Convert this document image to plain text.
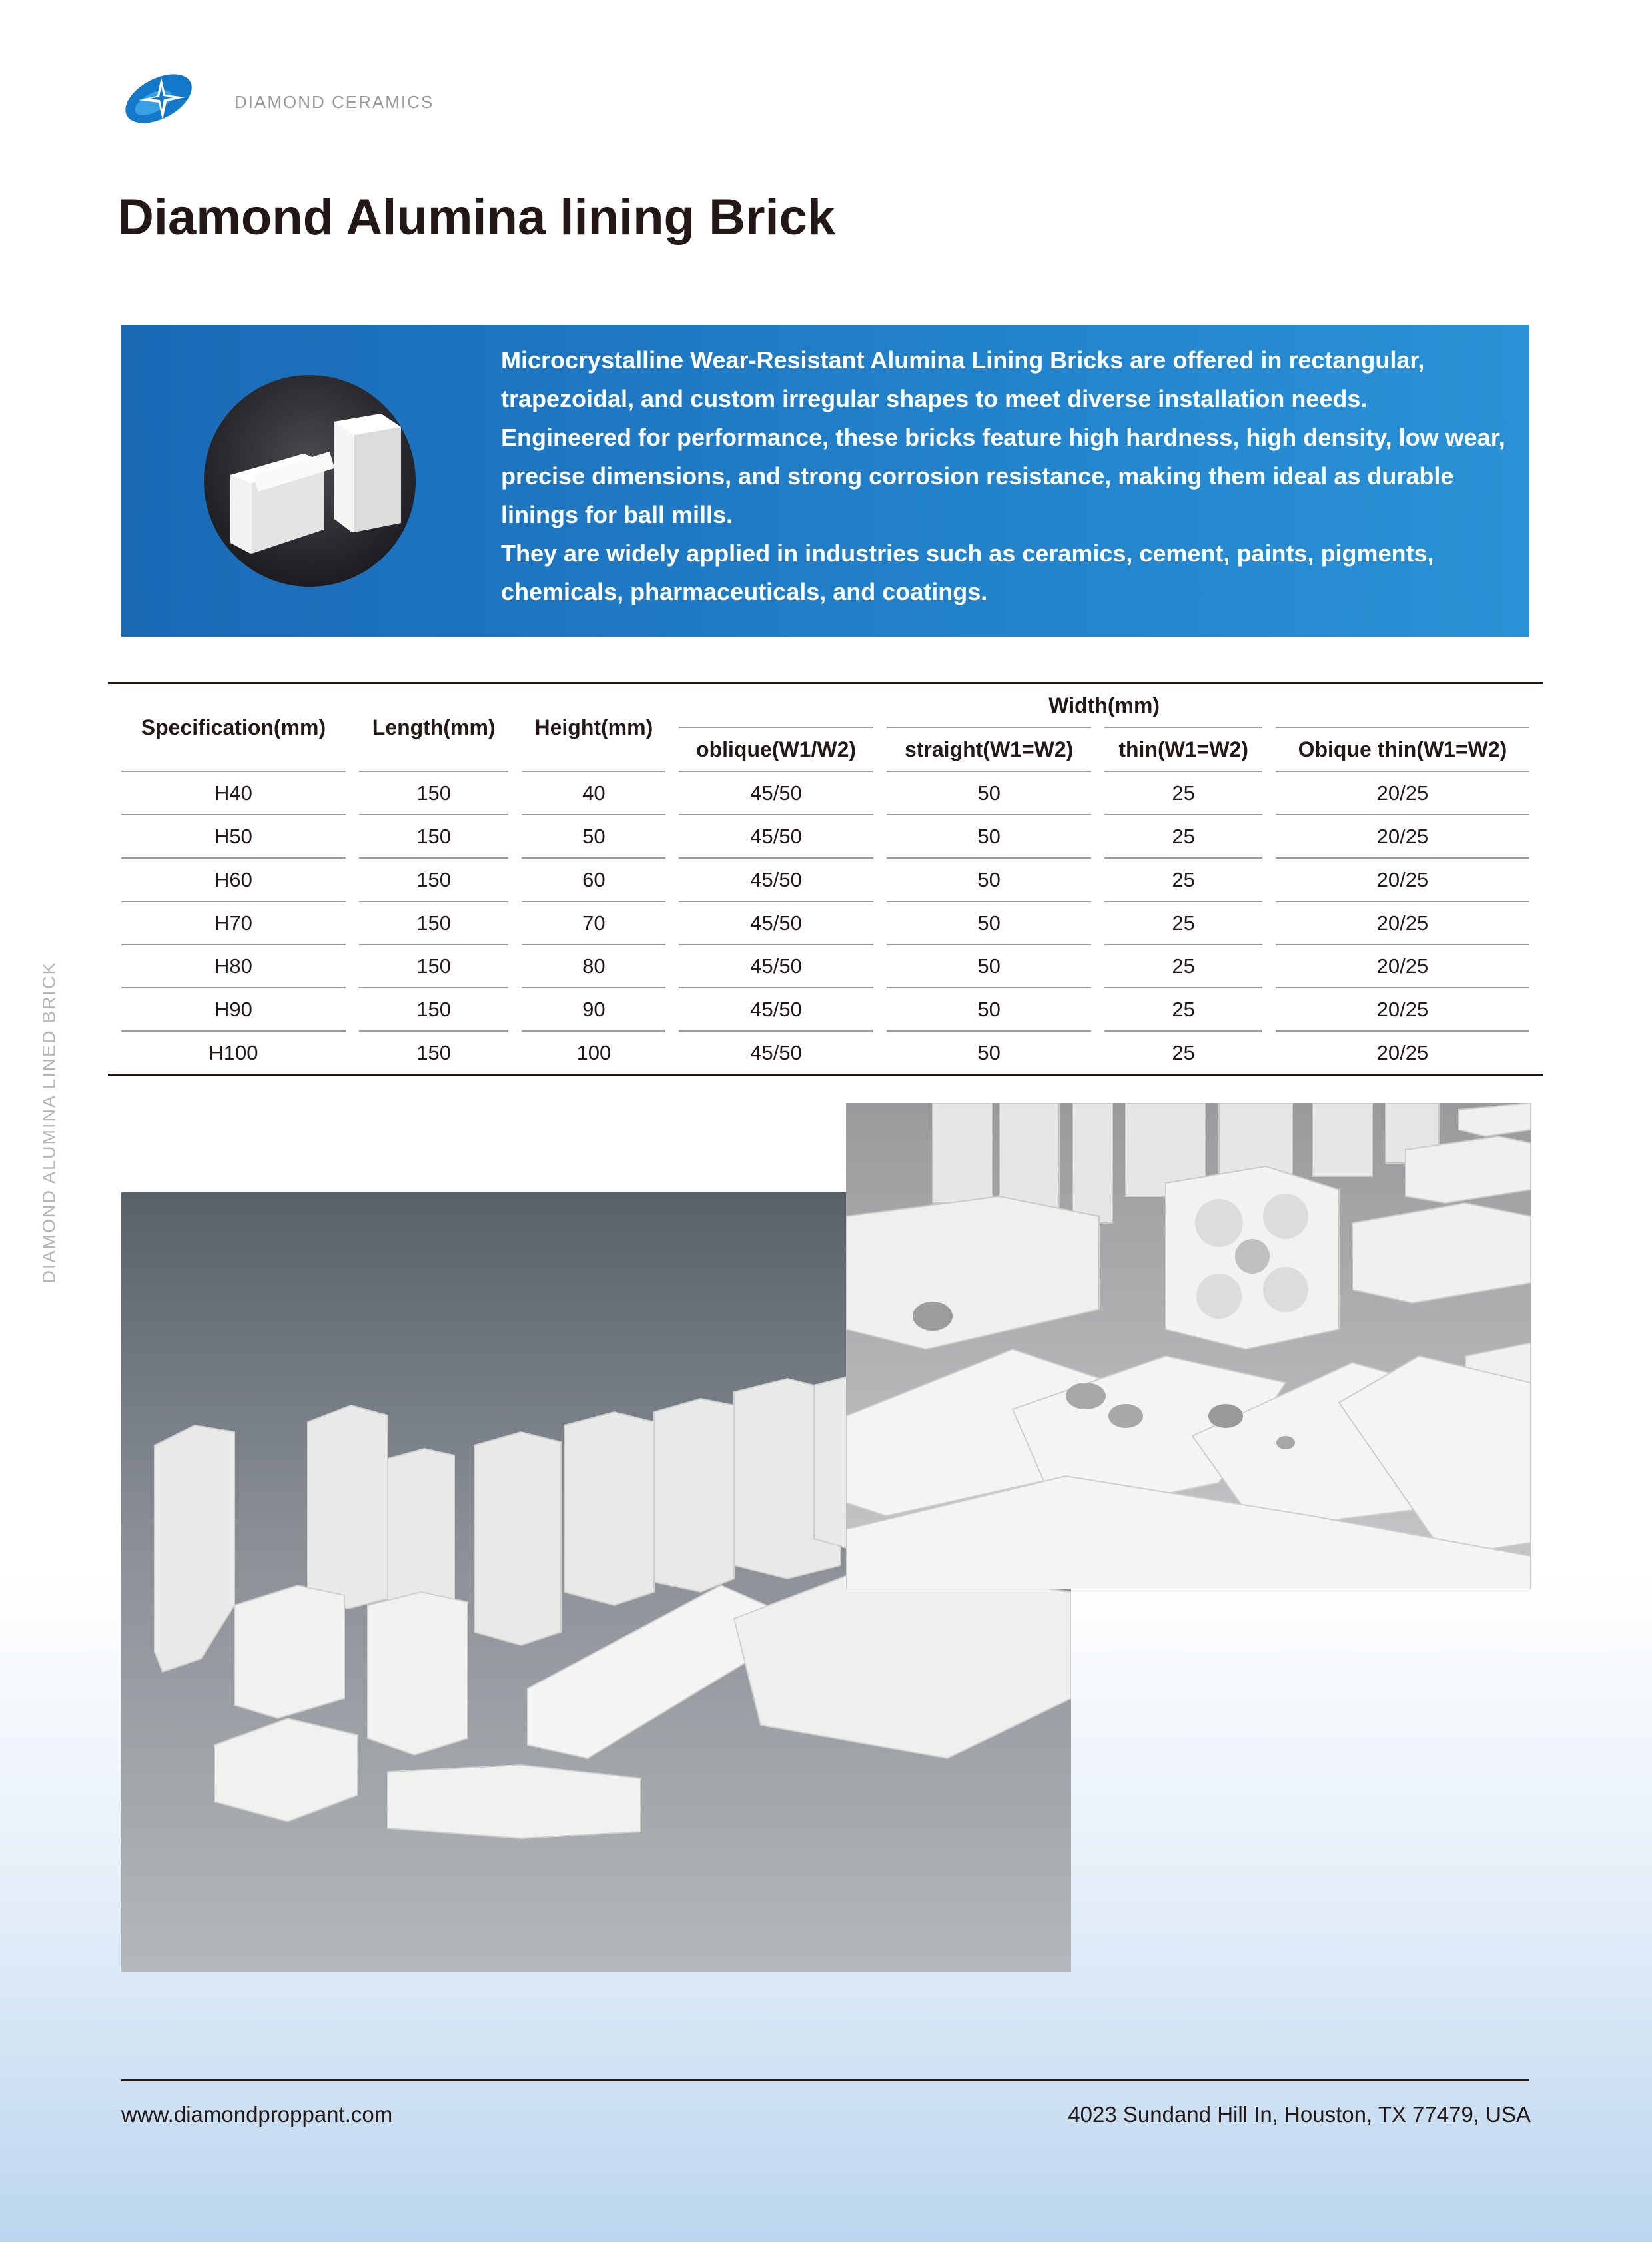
DIAMOND CERAMICS
Diamond Alumina lining Brick

Microcrystalline Wear-Resistant Alumina Lining Bricks are offered in rectangular, trapezoidal, and custom irregular shapes to meet diverse installation needs.

Engineered for performance, these bricks feature high hardness, high density, low wear, precise dimensions, and strong corrosion resistance, making them ideal as durable linings for ball mills.

They are widely applied in industries such as ceramics, cement, paints, pigments, chemicals, pharmaceuticals, and coatings.

Specification(mm)	Length(mm)	Height(mm)	Width(mm)			
			oblique(W1/W2)	straight(W1=W2)	thin(W1=W2)	Obique thin(W1=W2)
H40	150	40	45/50	50	25	20/25
H50	150	50	45/50	50	25	20/25
H60	150	60	45/50	50	25	20/25
H70	150	70	45/50	50	25	20/25
H80	150	80	45/50	50	25	20/25
H90	150	90	45/50	50	25	20/25
H100	150	100	45/50	50	25	20/25
DIAMOND ALUMINA LINED BRICK
www.diamondproppant.com	4023 Sundand Hill In, Houston, TX 77479, USA
